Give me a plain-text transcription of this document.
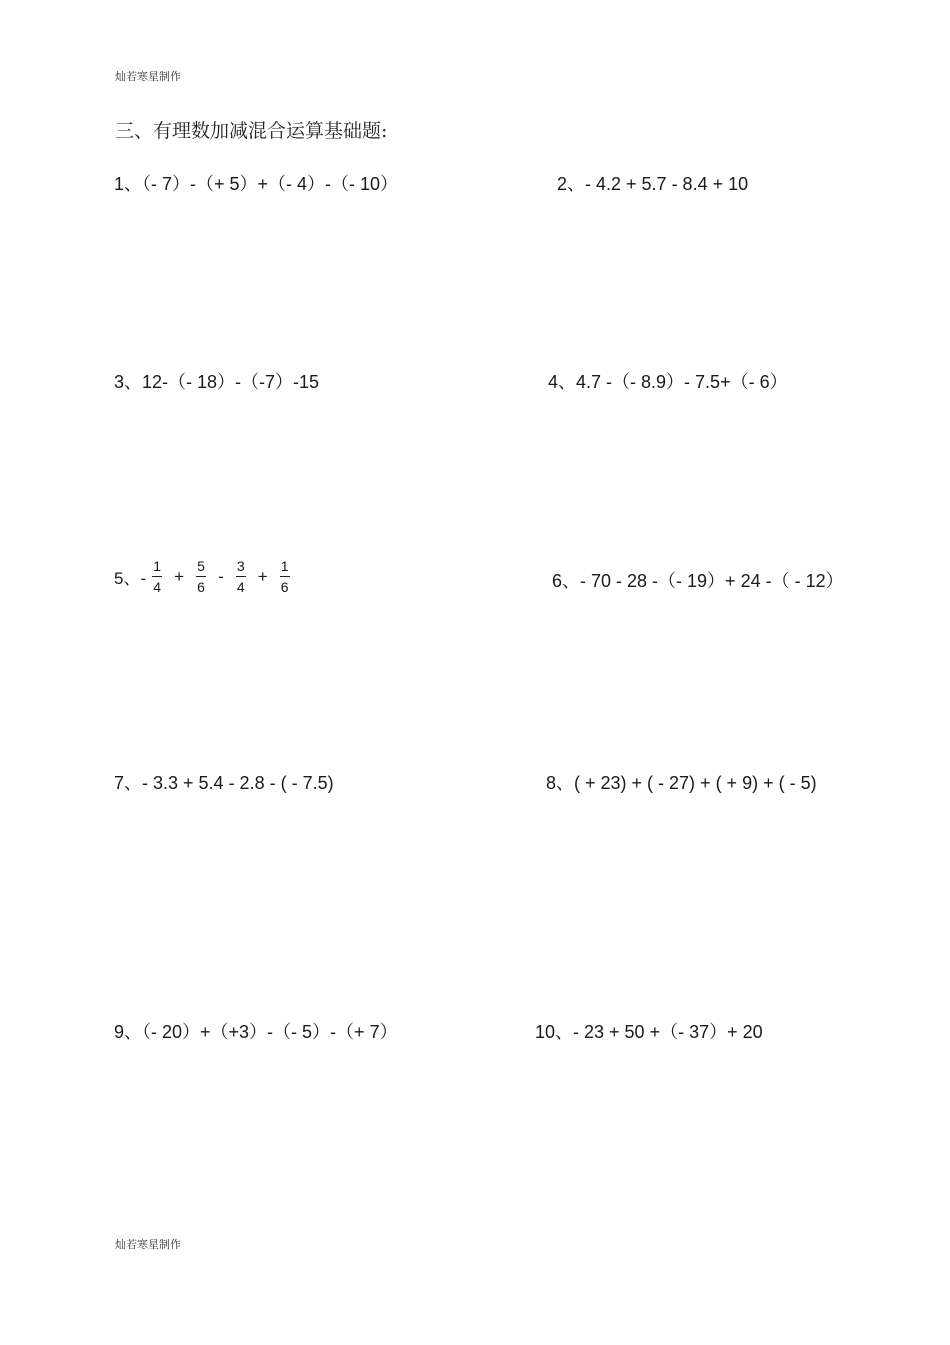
灿若寒星制作
三、有理数加减混合运算基础题:
1、（- 7）-（+ 5）+（- 4）-（- 10）	2、- 4.2 + 5.7 - 8.4 + 10
3、12-（- 18）-（-7）-15	4、4.7 -（- 8.9）- 7.5+（- 6）
5、- $\frac{1}{4} + \frac{5}{6} - \frac{3}{4} + \frac{1}{6}$	6、- 70 - 28 -（- 19）+ 24 -（ - 12）
7、- 3.3 + 5.4 - 2.8 - ( - 7.5)	8、( + 23) + ( - 27) + ( + 9) + ( - 5)
9、（- 20）+（+3）-（- 5）-（+ 7）	10、- 23 + 50 +（- 37）+ 20
灿若寒星制作
